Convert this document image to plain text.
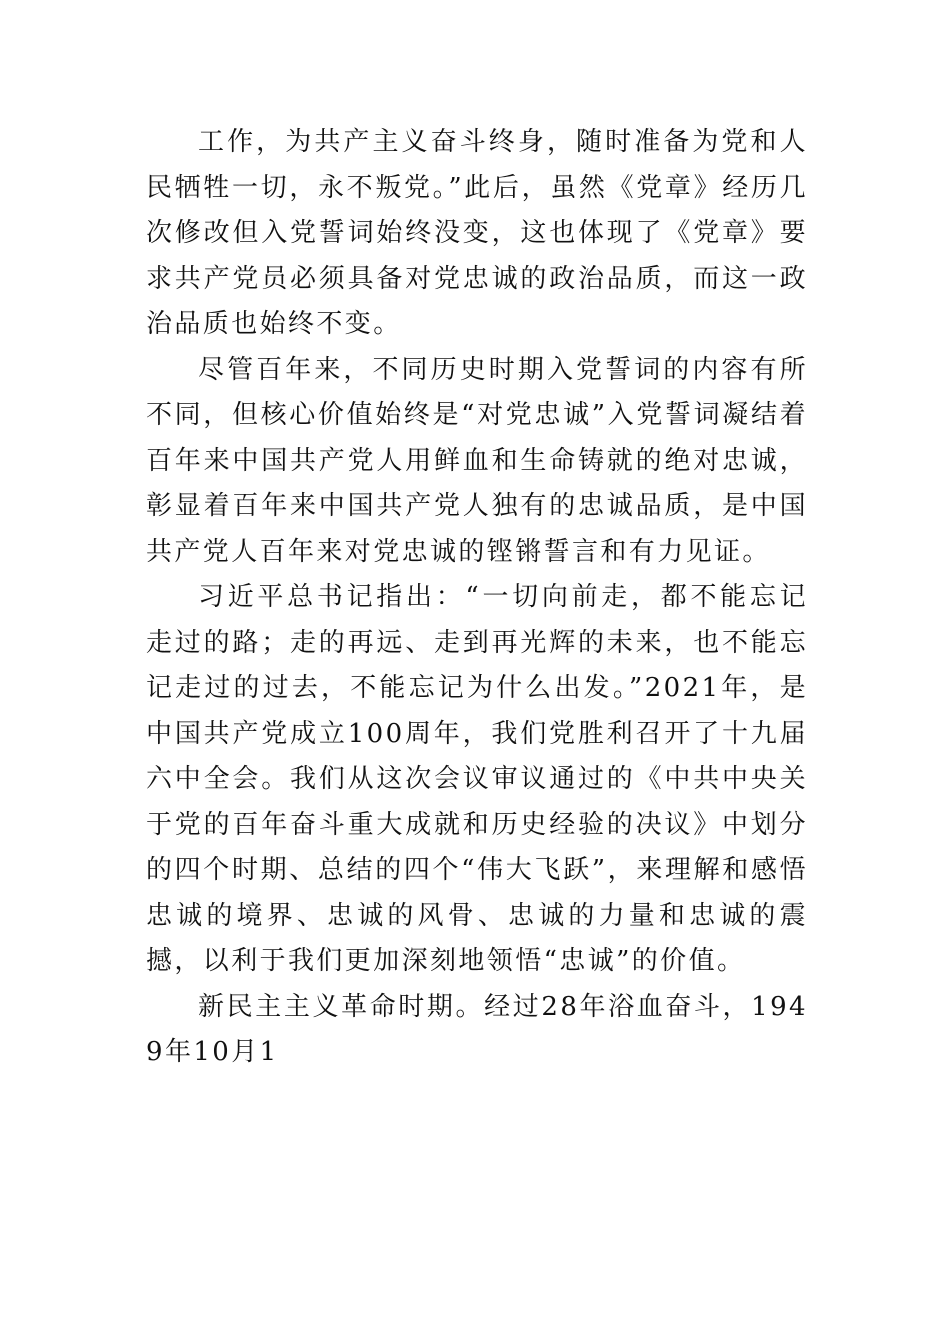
工作，为共产主义奋斗终身，随时准备为党和人民牺牲一切，永不叛党。”此后，虽然《党章》经历几次修改但入党誓词始终没变，这也体现了《党章》要求共产党员必须具备对党忠诚的政治品质，而这一政治品质也始终不变。

尽管百年来，不同历史时期入党誓词的内容有所不同，但核心价值始终是“对党忠诚”入党誓词凝结着百年来中国共产党人用鲜血和生命铸就的绝对忠诚，彰显着百年来中国共产党人独有的忠诚品质，是中国共产党人百年来对党忠诚的铿锵誓言和有力见证。

习近平总书记指出：“一切向前走，都不能忘记走过的路；走的再远、走到再光辉的未来，也不能忘记走过的过去，不能忘记为什么出发。”2021年，是中国共产党成立100周年，我们党胜利召开了十九届六中全会。我们从这次会议审议通过的《中共中央关于党的百年奋斗重大成就和历史经验的决议》中划分的四个时期、总结的四个“伟大飞跃”，来理解和感悟忠诚的境界、忠诚的风骨、忠诚的力量和忠诚的震撼，以利于我们更加深刻地领悟“忠诚”的价值。

新民主主义革命时期。经过28年浴血奋斗，1949年10月1
